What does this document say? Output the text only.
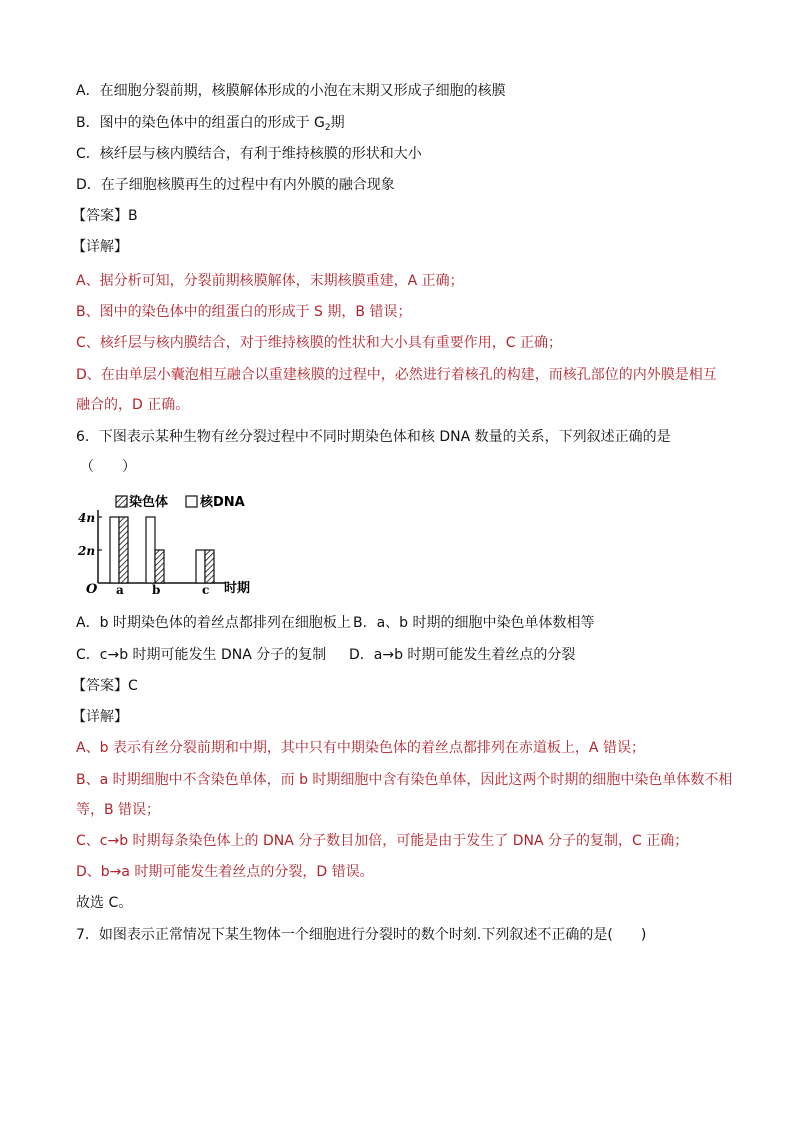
A．在细胞分裂前期，核膜解体形成的小泡在末期又形成子细胞的核膜
B．图中的染色体中的组蛋白的形成于 $G_2$期
C．核纤层与核内膜结合，有利于维持核膜的形状和大小
D．在子细胞核膜再生的过程中有内外膜的融合现象
【答案】B
【详解】
A、据分析可知，分裂前期核膜解体，末期核膜重建，A 正确；
B、图中的染色体中的组蛋白的形成于 S 期，B 错误；
C、核纤层与核内膜结合，对于维持核膜的性状和大小具有重要作用，C 正确；
D、在由单层小囊泡相互融合以重建核膜的过程中，必然进行着核孔的构建，而核孔部位的内外膜是相互
融合的，D 正确。
6．下图表示某种生物有丝分裂过程中不同时期染色体和核 DNA 数量的关系，下列叙述正确的是
（　　）
染色体 核DNA
O	时期
2n
4n
a b	c
A．b 时期染色体的着丝点都排列在细胞板上 B．a、b 时期的细胞中染色单体数相等
C．c→b 时期可能发生 DNA 分子的复制 D．a→b 时期可能发生着丝点的分裂
【答案】C
【详解】
A、b 表示有丝分裂前期和中期，其中只有中期染色体的着丝点都排列在赤道板上，A 错误；
B、a 时期细胞中不含染色单体，而 b 时期细胞中含有染色单体，因此这两个时期的细胞中染色单体数不相
等，B 错误；
C、c→b 时期每条染色体上的 DNA 分子数目加倍，可能是由于发生了 DNA 分子的复制，C 正确；
D、b→a 时期可能发生着丝点的分裂，D 错误。
故选 C。
7．如图表示正常情况下某生物体一个细胞进行分裂时的数个时刻.下列叙述不正确的是(　　)
